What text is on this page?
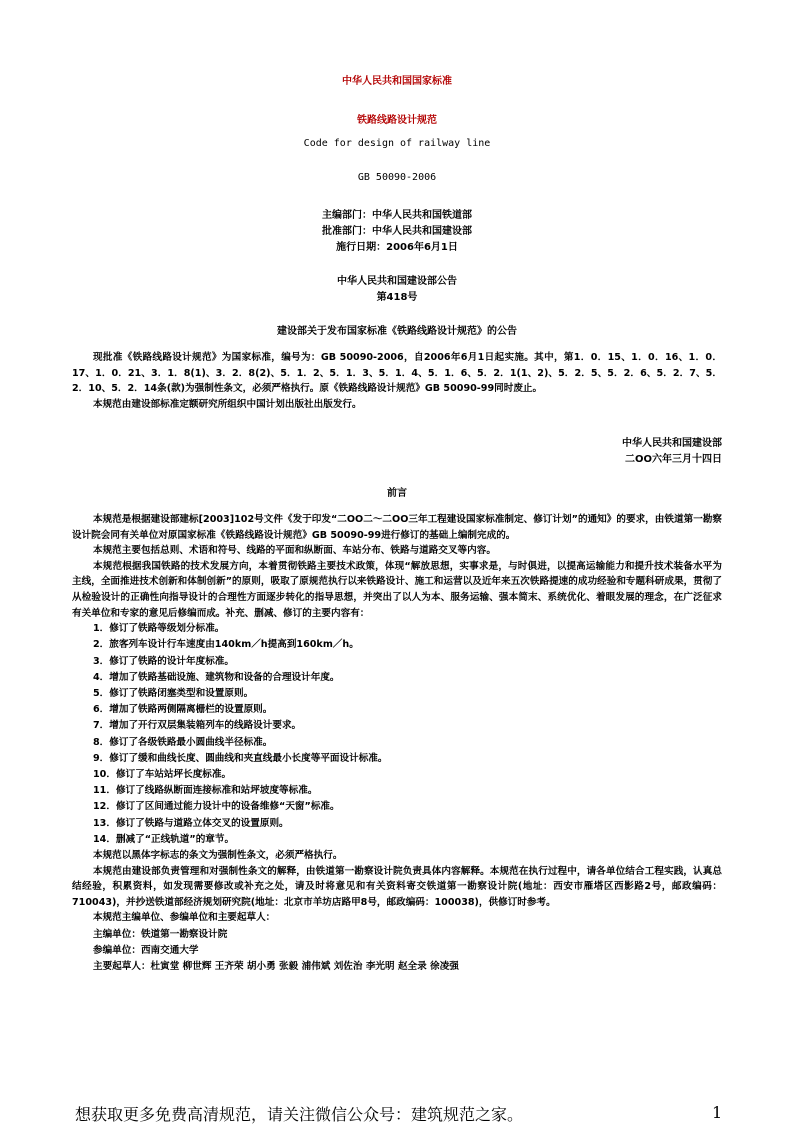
中华人民共和国国家标准
铁路线路设计规范
Code for design of railway line
GB 50090-2006
主编部门：中华人民共和国铁道部
批准部门：中华人民共和国建设部
施行日期：2006年6月1日
中华人民共和国建设部公告
第418号
建设部关于发布国家标准《铁路线路设计规范》的公告

现批准《铁路线路设计规范》为国家标准，编号为：GB 50090-2006，自2006年6月1日起实施。其中，第1．0．15、1．0．16、1．0．17、1．0．21、3．1．8(1)、3．2．8(2)、5．1．2、5．1．3、5．1．4、5．1．6、5．2．1(1、2)、5．2．5、5．2．6、5．2．7、5．2．10、5．2．14条(款)为强制性条文，必须严格执行。原《铁路线路设计规范》GB 50090-99同时废止。

本规范由建设部标准定额研究所组织中国计划出版社出版发行。

中华人民共和国建设部
二OO六年三月十四日
前言

本规范是根据建设部建标[2003]102号文件《发于印发“二OO二～二OO三年工程建设国家标准制定、修订计划”的通知》的要求，由铁道第一勘察设计院会同有关单位对原国家标准《铁路线路设计规范》GB 50090-99进行修订的基础上编制完成的。

本规范主要包括总则、术语和符号、线路的平面和纵断面、车站分布、铁路与道路交叉等内容。

本规范根据我国铁路的技术发展方向，本着贯彻铁路主要技术政策，体现“解放思想，实事求是，与时俱进，以提高运输能力和提升技术装备水平为主线，全面推进技术创新和体制创新”的原则，吸取了原规范执行以来铁路设计、施工和运营以及近年来五次铁路提速的成功经验和专题科研成果，贯彻了从检验设计的正确性向指导设计的合理性方面逐步转化的指导思想，并突出了以人为本、服务运输、强本简末、系统优化、着眼发展的理念，在广泛征求有关单位和专家的意见后修编而成。补充、删减、修订的主要内容有：

1．修订了铁路等级划分标准。
2．旅客列车设计行车速度由140km／h提高到160km／h。
3．修订了铁路的设计年度标准。
4．增加了铁路基础设施、建筑物和设备的合理设计年度。
5．修订了铁路闭塞类型和设置原则。
6．增加了铁路两侧隔离栅栏的设置原则。
7．增加了开行双层集装箱列车的线路设计要求。
8．修订了各级铁路最小圆曲线半径标准。
9．修订了缓和曲线长度、圆曲线和夹直线最小长度等平面设计标准。
10．修订了车站站坪长度标准。
11．修订了线路纵断面连接标准和站坪坡度等标准。
12．修订了区间通过能力设计中的设备维修“天窗”标准。
13．修订了铁路与道路立体交叉的设置原则。
14．删减了“正线轨道”的章节。

本规范以黑体字标志的条文为强制性条文，必须严格执行。

本规范由建设部负责管理和对强制性条文的解释，由铁道第一勘察设计院负责具体内容解释。本规范在执行过程中，请各单位结合工程实践，认真总结经验，积累资料，如发现需要修改或补充之处，请及时将意见和有关资料寄交铁道第一勘察设计院(地址：西安市雁塔区西影路2号，邮政编码：710043)，并抄送铁道部经济规划研究院(地址：北京市羊坊店路甲8号，邮政编码：100038)，供修订时参考。

本规范主编单位、参编单位和主要起草人：
主编单位：铁道第一勘察设计院
参编单位：西南交通大学
主要起草人：杜寅堂 柳世辉 王齐荣 胡小勇 张毅 浦伟斌 刘佐治 李光明 赵全录 徐凌强
想获取更多免费高清规范，请关注微信公众号：建筑规范之家。	1
